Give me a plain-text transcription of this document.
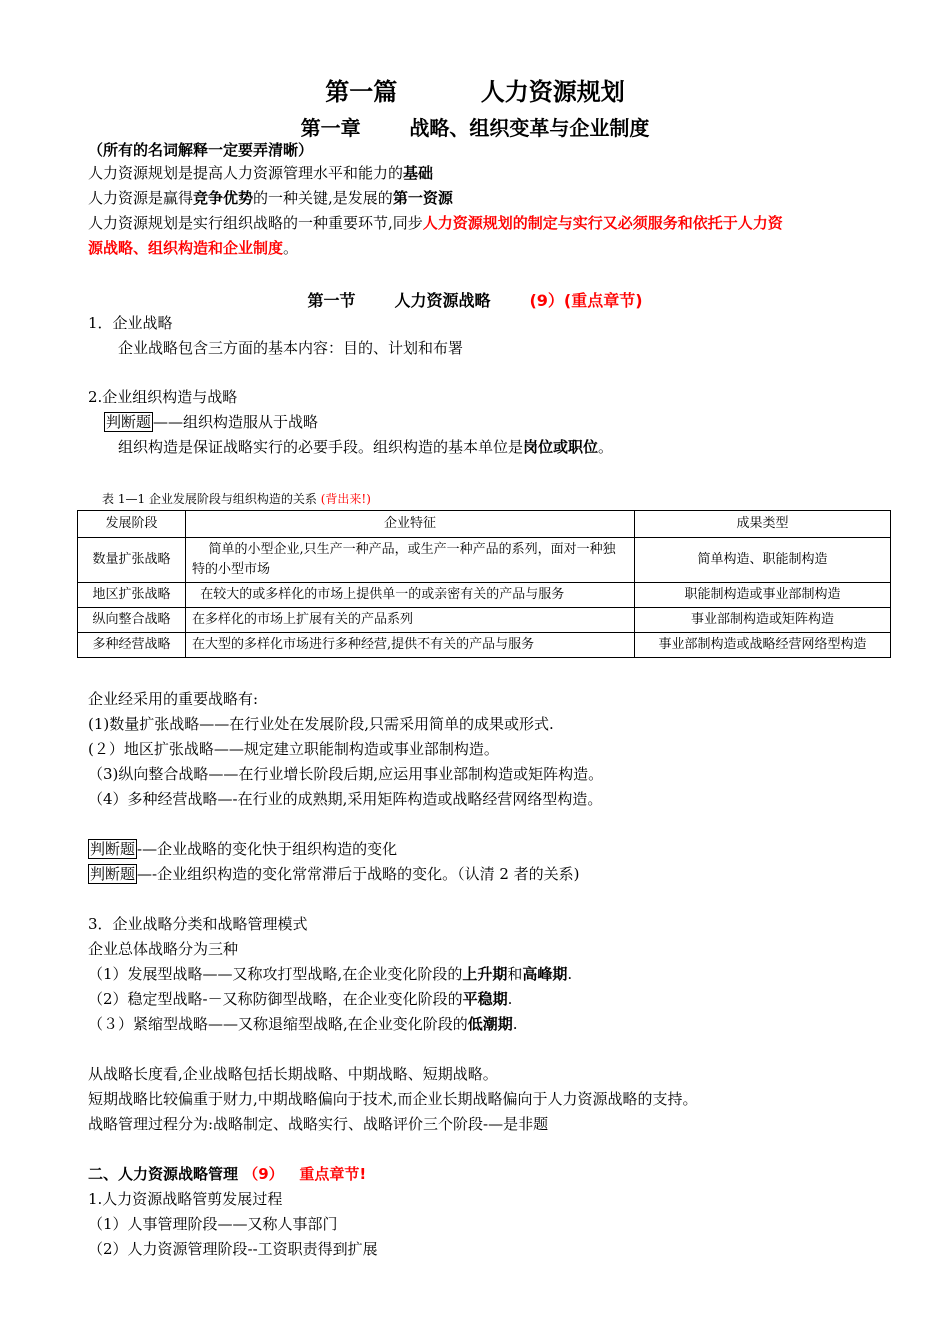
第一篇          人力资源规划
第一章       战略、组织变革与企业制度
（所有的名词解释一定要弄清晰）
人力资源规划是提高人力资源管理水平和能力的基础
人力资源是赢得竞争优势的一种关键,是发展的第一资源
人力资源规划是实行组织战略的一种重要环节,同步人力资源规划的制定与实行又必须服务和依托于人力资
源战略、组织构造和企业制度。
第一节       人力资源战略       (9）(重点章节)
1．企业战略
企业战略包含三方面的基本内容：目的、计划和布署
2.企业组织构造与战略
判断题 ——组织构造服从于战略
组织构造是保证战略实行的必要手段。组织构造的基本单位是岗位或职位。
表 1—1 企业发展阶段与组织构造的关系 (背出来!)
发展阶段	企业特征	成果类型
数量扩张战略	简单的小型企业,只生产一种产品，或生产一种产品的系列，面对一种独特的小型市场	简单构造、职能制构造
地区扩张战略	在较大的或多样化的市场上提供单一的或亲密有关的产品与服务	职能制构造或事业部制构造
纵向整合战略	在多样化的市场上扩展有关的产品系列	事业部制构造或矩阵构造
多种经营战略	在大型的多样化市场进行多种经营,提供不有关的产品与服务	事业部制构造或战略经营网络型构造
企业经采用的重要战略有:
(1)数量扩张战略——在行业处在发展阶段,只需采用简单的成果或形式.
(２）地区扩张战略——规定建立职能制构造或事业部制构造。
（3)纵向整合战略——在行业增长阶段后期,应运用事业部制构造或矩阵构造。
（4）多种经营战略—-在行业的成熟期,采用矩阵构造或战略经营网络型构造。
判断题 -—企业战略的变化快于组织构造的变化
判断题 —-企业组织构造的变化常常滞后于战略的变化。（认清 2 者的关系)
3．企业战略分类和战略管理模式
企业总体战略分为三种
（1）发展型战略——又称攻打型战略,在企业变化阶段的上升期和高峰期.
（2）稳定型战略-－又称防御型战略，在企业变化阶段的平稳期.
（３）紧缩型战略——又称退缩型战略,在企业变化阶段的低潮期.
从战略长度看,企业战略包括长期战略、中期战略、短期战略。
短期战略比较偏重于财力,中期战略偏向于技术,而企业长期战略偏向于人力资源战略的支持。
战略管理过程分为:战略制定、战略实行、战略评价三个阶段-—是非题
二、人力资源战略管理 （9）   重点章节!
1.人力资源战略管剪发展过程
（1）人事管理阶段——又称人事部门
（2）人力资源管理阶段--工资职责得到扩展
